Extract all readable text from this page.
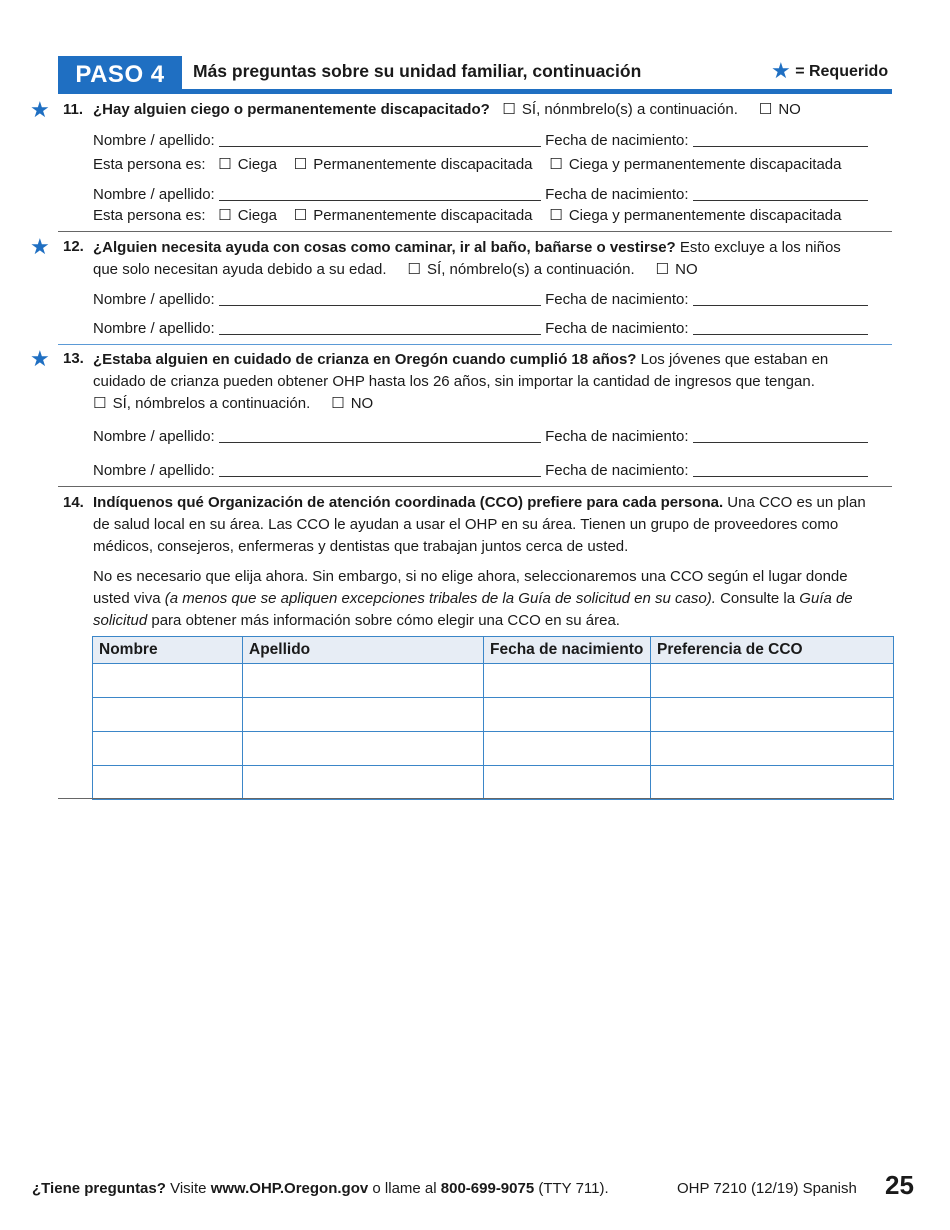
PASO 4	Más preguntas sobre su unidad familiar, continuación	★ = Requerido
★ 11. ¿Hay alguien ciego o permanentemente discapacitado? ☐ SÍ, nónmbrelo(s) a continuación. ☐ NO
Nombre / apellido:	Fecha de nacimiento:
Esta persona es: ☐ Ciega ☐ Permanentemente discapacitada ☐ Ciega y permanentemente discapacitada
Nombre / apellido:	Fecha de nacimiento:
Esta persona es: ☐ Ciega ☐ Permanentemente discapacitada ☐ Ciega y permanentemente discapacitada
★ 12. ¿Alguien necesita ayuda con cosas como caminar, ir al baño, bañarse o vestirse? Esto excluye a los niños
que solo necesitan ayuda debido a su edad. ☐ SÍ, nómbrelo(s) a continuación. ☐ NO
Nombre / apellido:	Fecha de nacimiento:
Nombre / apellido:	Fecha de nacimiento:
★ 13. ¿Estaba alguien en cuidado de crianza en Oregón cuando cumplió 18 años? Los jóvenes que estaban en
cuidado de crianza pueden obtener OHP hasta los 26 años, sin importar la cantidad de ingresos que tengan.
☐ SÍ, nómbrelos a continuación. ☐ NO
Nombre / apellido:	Fecha de nacimiento:
Nombre / apellido:	Fecha de nacimiento:
14. Indíquenos qué Organización de atención coordinada (CCO) prefiere para cada persona. Una CCO es un plan
de salud local en su área. Las CCO le ayudan a usar el OHP en su área. Tienen un grupo de proveedores como
médicos, consejeros, enfermeras y dentistas que trabajan juntos cerca de usted.
No es necesario que elija ahora. Sin embargo, si no elige ahora, seleccionaremos una CCO según el lugar donde
usted viva (a menos que se apliquen excepciones tribales de la Guía de solicitud en su caso). Consulte la Guía de
solicitud para obtener más información sobre cómo elegir una CCO en su área.
Nombre	Apellido	Fecha de nacimiento	Preferencia de CCO

¿Tiene preguntas? Visite www.OHP.Oregon.gov o llame al 800-699-9075 (TTY 711).	OHP 7210 (12/19) Spanish 25
